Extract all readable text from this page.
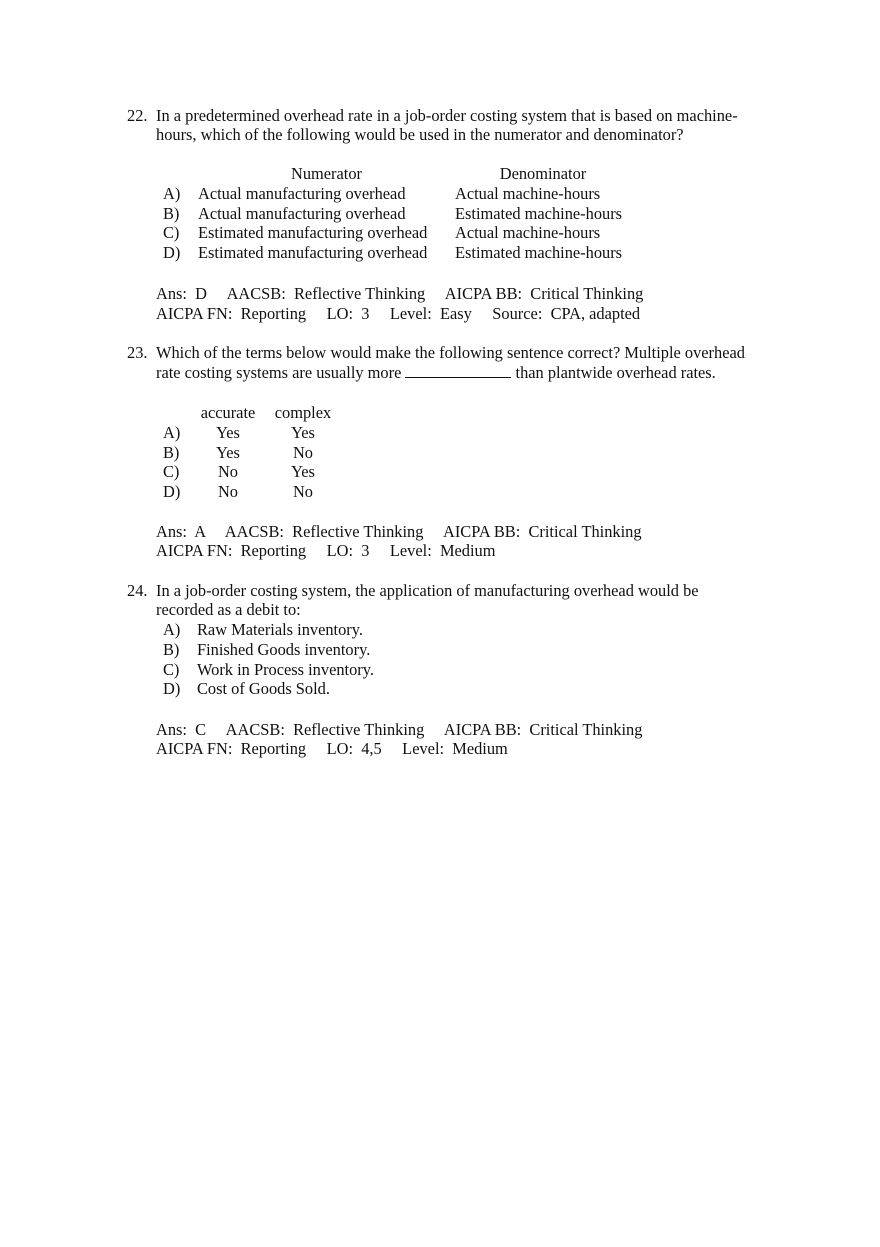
22. In a predetermined overhead rate in a job-order costing system that is based on machine-
hours, which of the following would be used in the numerator and denominator?
	Numerator	Denominator
A)	Actual manufacturing overhead	Actual machine-hours
B)	Actual manufacturing overhead	Estimated machine-hours
C)	Estimated manufacturing overhead	Actual machine-hours
D)	Estimated manufacturing overhead	Estimated machine-hours
Ans:  D     AACSB:  Reflective Thinking     AICPA BB:  Critical Thinking
AICPA FN:  Reporting     LO:  3     Level:  Easy     Source:  CPA, adapted
23. Which of the terms below would make the following sentence correct? Multiple overhead
rate costing systems are usually more	than plantwide overhead rates.
	accurate		complex
A)	Yes		Yes
B)	Yes		No
C)	No		Yes
D)	No		No
Ans:  A     AACSB:  Reflective Thinking     AICPA BB:  Critical Thinking
AICPA FN:  Reporting     LO:  3     Level:  Medium
24. In a job-order costing system, the application of manufacturing overhead would be
recorded as a debit to:
A)	Raw Materials inventory.
B)	Finished Goods inventory.
C)	Work in Process inventory.
D)	Cost of Goods Sold.
Ans:  C     AACSB:  Reflective Thinking     AICPA BB:  Critical Thinking
AICPA FN:  Reporting     LO:  4,5     Level:  Medium
